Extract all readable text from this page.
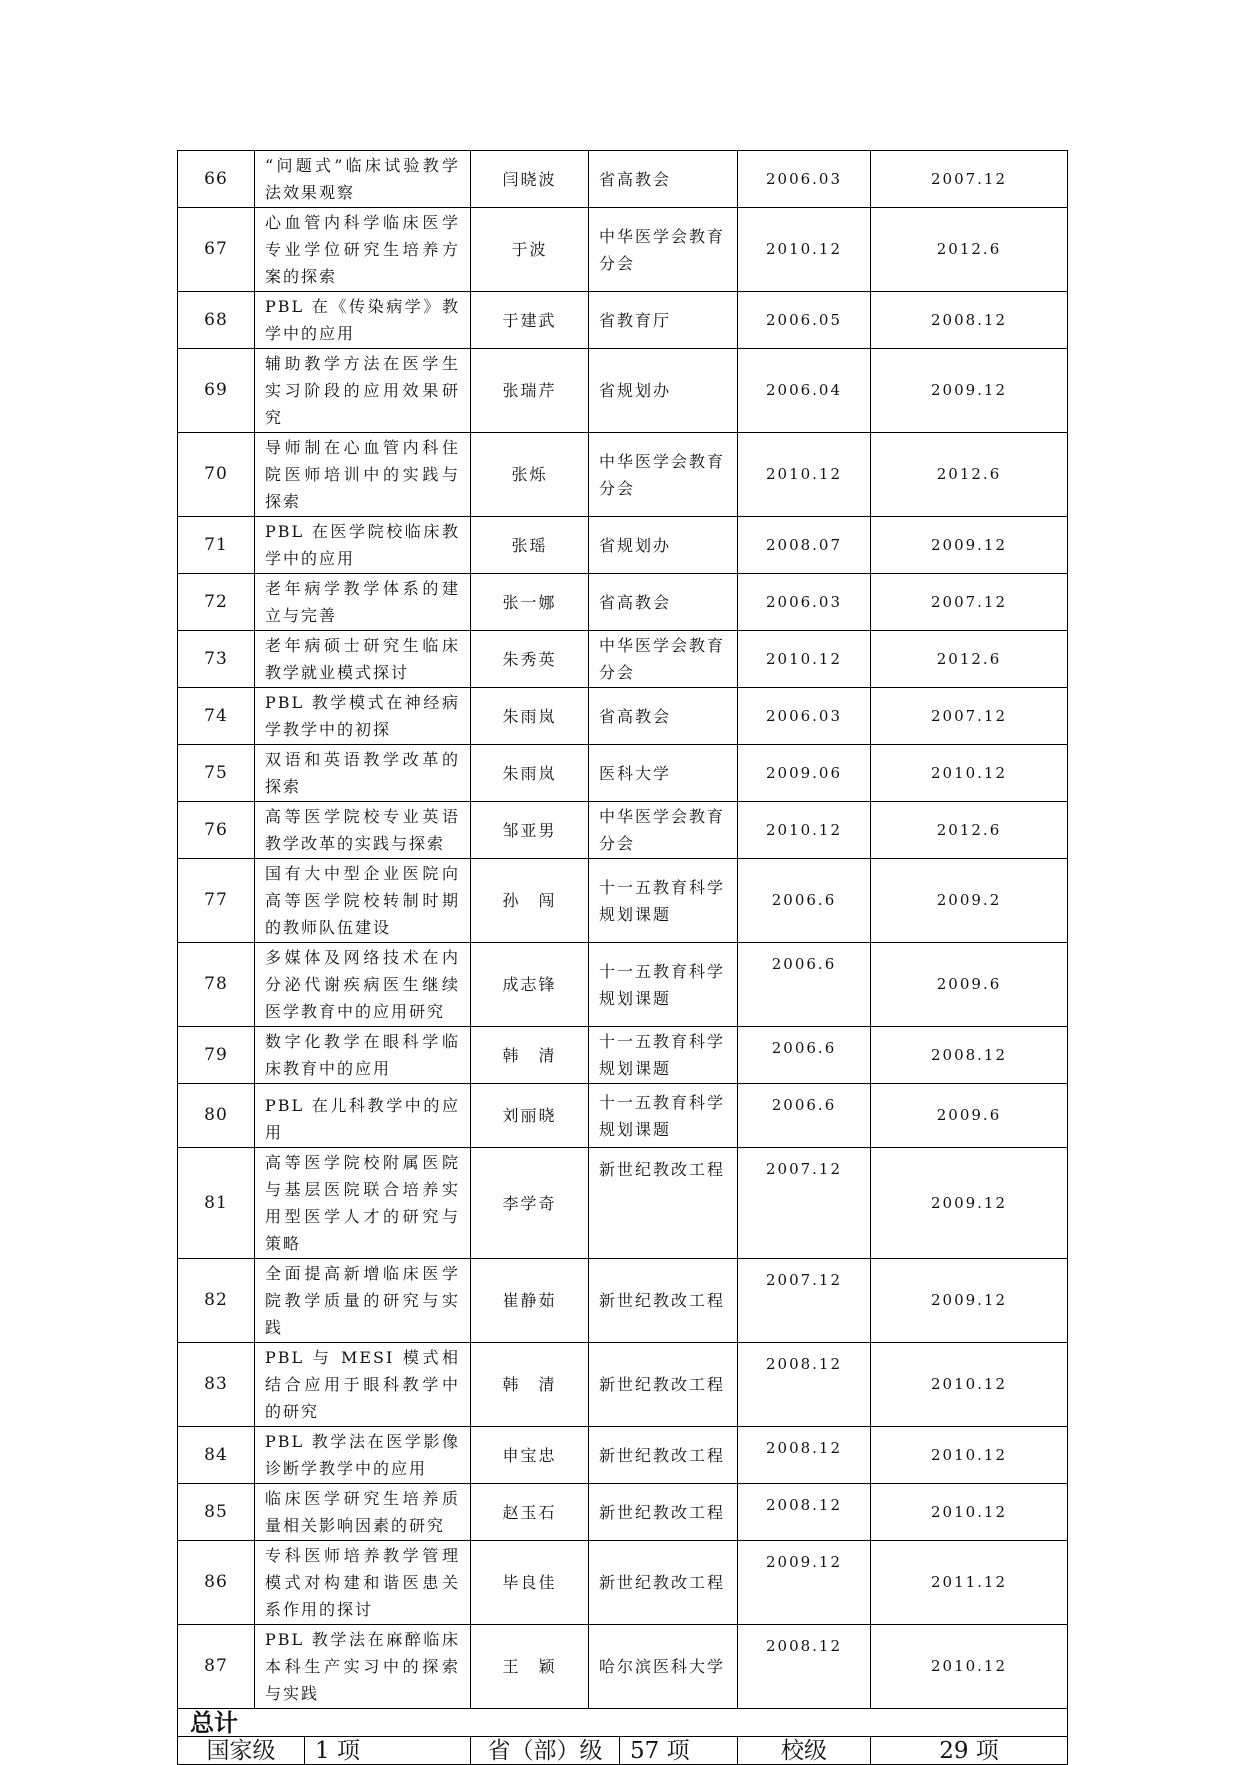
66	“问题式”临床试验教学法效果观察	闫晓波	省高教会	2006.03	2007.12
67	心血管内科学临床医学专业学位研究生培养方案的探索	于波	中华医学会教育分会	2010.12	2012.6
68	PBL 在《传染病学》教学中的应用	于建武	省教育厅	2006.05	2008.12
69	辅助教学方法在医学生实习阶段的应用效果研究	张瑞芹	省规划办	2006.04	2009.12
70	导师制在心血管内科住院医师培训中的实践与探索	张烁	中华医学会教育分会	2010.12	2012.6
71	PBL 在医学院校临床教学中的应用	张瑶	省规划办	2008.07	2009.12
72	老年病学教学体系的建立与完善	张一娜	省高教会	2006.03	2007.12
73	老年病硕士研究生临床教学就业模式探讨	朱秀英	中华医学会教育分会	2010.12	2012.6
74	PBL 教学模式在神经病学教学中的初探	朱雨岚	省高教会	2006.03	2007.12
75	双语和英语教学改革的探索	朱雨岚	医科大学	2009.06	2010.12
76	高等医学院校专业英语教学改革的实践与探索	邹亚男	中华医学会教育分会	2010.12	2012.6
77	国有大中型企业医院向高等医学院校转制时期的教师队伍建设	孙　闯	十一五教育科学规划课题	2006.6	2009.2
78	多媒体及网络技术在内分泌代谢疾病医生继续医学教育中的应用研究	成志锋	十一五教育科学规划课题	2006.6	2009.6
79	数字化教学在眼科学临床教育中的应用	韩　清	十一五教育科学规划课题	2006.6	2008.12
80	PBL 在儿科教学中的应用	刘丽晓	十一五教育科学规划课题	2006.6	2009.6
81	高等医学院校附属医院与基层医院联合培养实用型医学人才的研究与策略	李学奇	新世纪教改工程	2007.12	2009.12
82	全面提高新增临床医学院教学质量的研究与实践	崔静茹	新世纪教改工程	2007.12	2009.12
83	PBL 与 MESI 模式相结合应用于眼科教学中的研究	韩　清	新世纪教改工程	2008.12	2010.12
84	PBL 教学法在医学影像诊断学教学中的应用	申宝忠	新世纪教改工程	2008.12	2010.12
85	临床医学研究生培养质量相关影响因素的研究	赵玉石	新世纪教改工程	2008.12	2010.12
86	专科医师培养教学管理模式对构建和谐医患关系作用的探讨	毕良佳	新世纪教改工程	2009.12	2011.12
87	PBL 教学法在麻醉临床本科生产实习中的探索与实践	王　颖	哈尔滨医科大学	2008.12	2010.12
总计
国家级	1 项	省（部）级	57 项	校级	29 项
